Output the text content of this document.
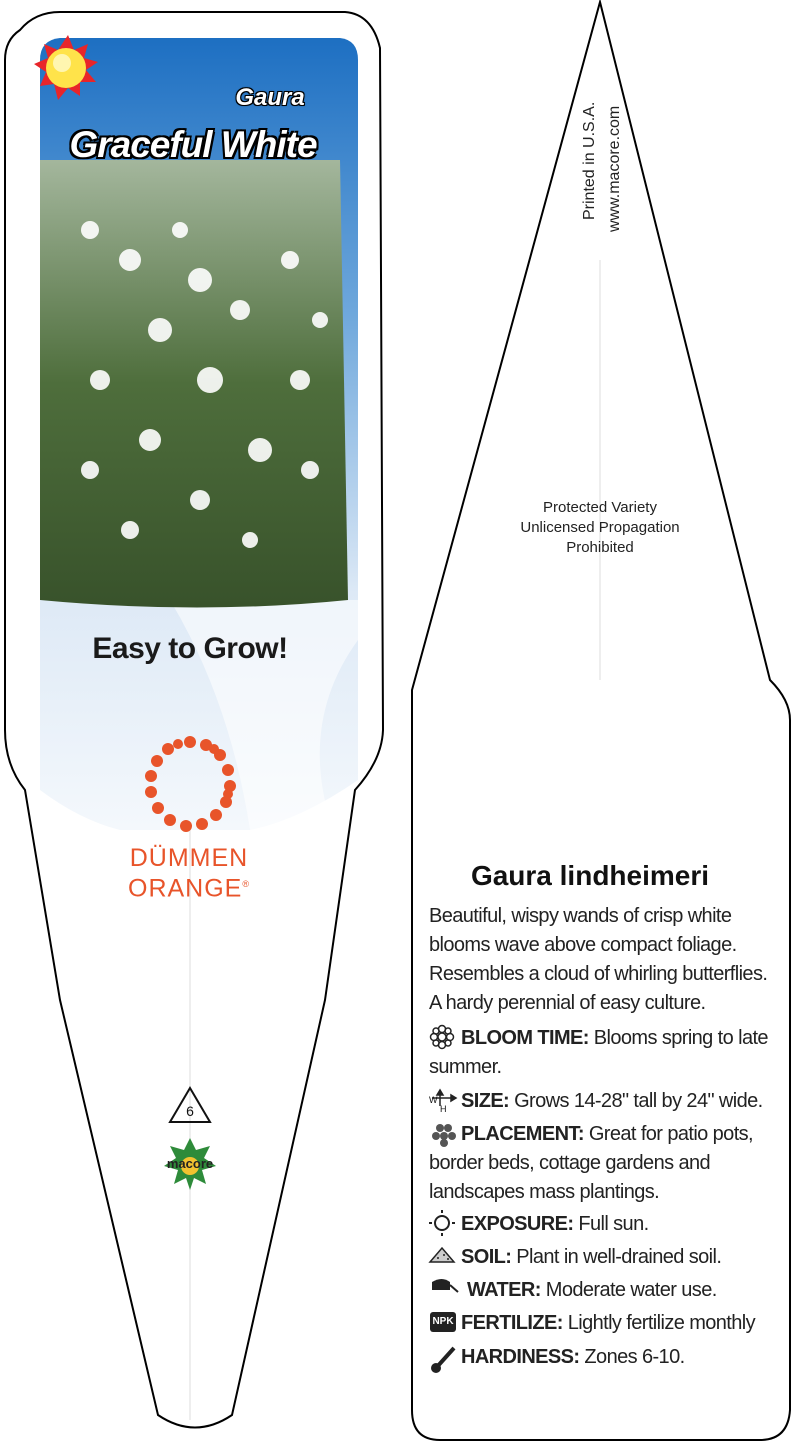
Gaura
Graceful White
Easy to Grow!
DÜMMEN
ORANGE®
6
macore
Printed in U.S.A. www.macore.com
Protected Variety
Unlicensed Propagation
Prohibited
Gaura lindheimeri
Beautiful, wispy wands of crisp white
blooms wave above compact foliage.
Resembles a cloud of whirling butterflies.
A hardy perennial of easy culture.
BLOOM TIME: Blooms spring to late
summer.
W
H SIZE: Grows 14-28" tall by 24" wide.
PLACEMENT: Great for patio pots,
border beds, cottage gardens and
landscapes mass plantings.
EXPOSURE: Full sun.
SOIL: Plant in well-drained soil.
WATER: Moderate water use.
NPK FERTILIZE: Lightly fertilize monthly
HARDINESS: Zones 6-10.
